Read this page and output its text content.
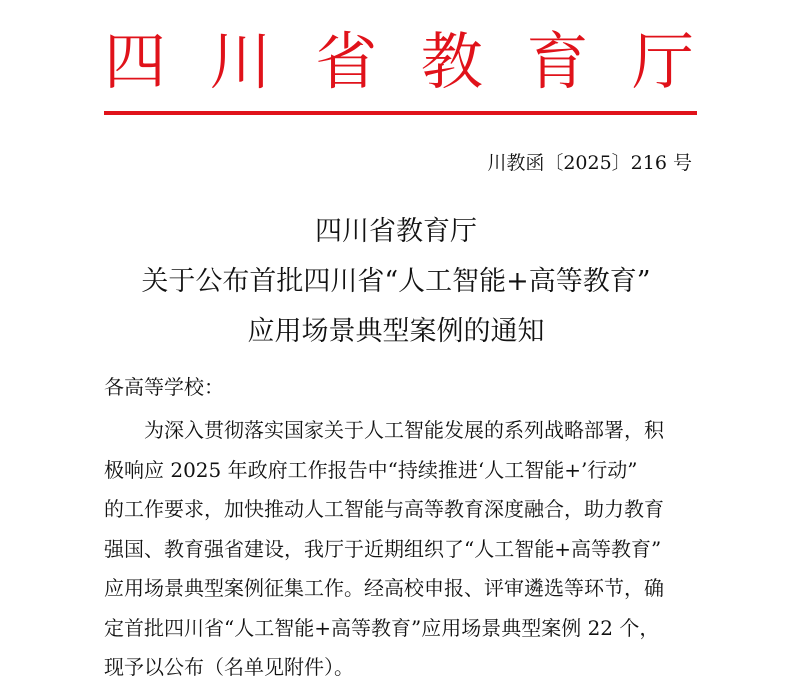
四 川 省 教 育 厅
川教函〔2025〕216 号
四川省教育厅
关于公布首批四川省“人工智能+高等教育”
应用场景典型案例的通知
各高等学校：
为深入贯彻落实国家关于人工智能发展的系列战略部署，积
极响应 2025 年政府工作报告中“持续推进‘人工智能+’行动”
的工作要求，加快推动人工智能与高等教育深度融合，助力教育
强国、教育强省建设，我厅于近期组织了“人工智能+高等教育”
应用场景典型案例征集工作。经高校申报、评审遴选等环节，确
定首批四川省“人工智能+高等教育”应用场景典型案例 22 个，
现予以公布（名单见附件）。
